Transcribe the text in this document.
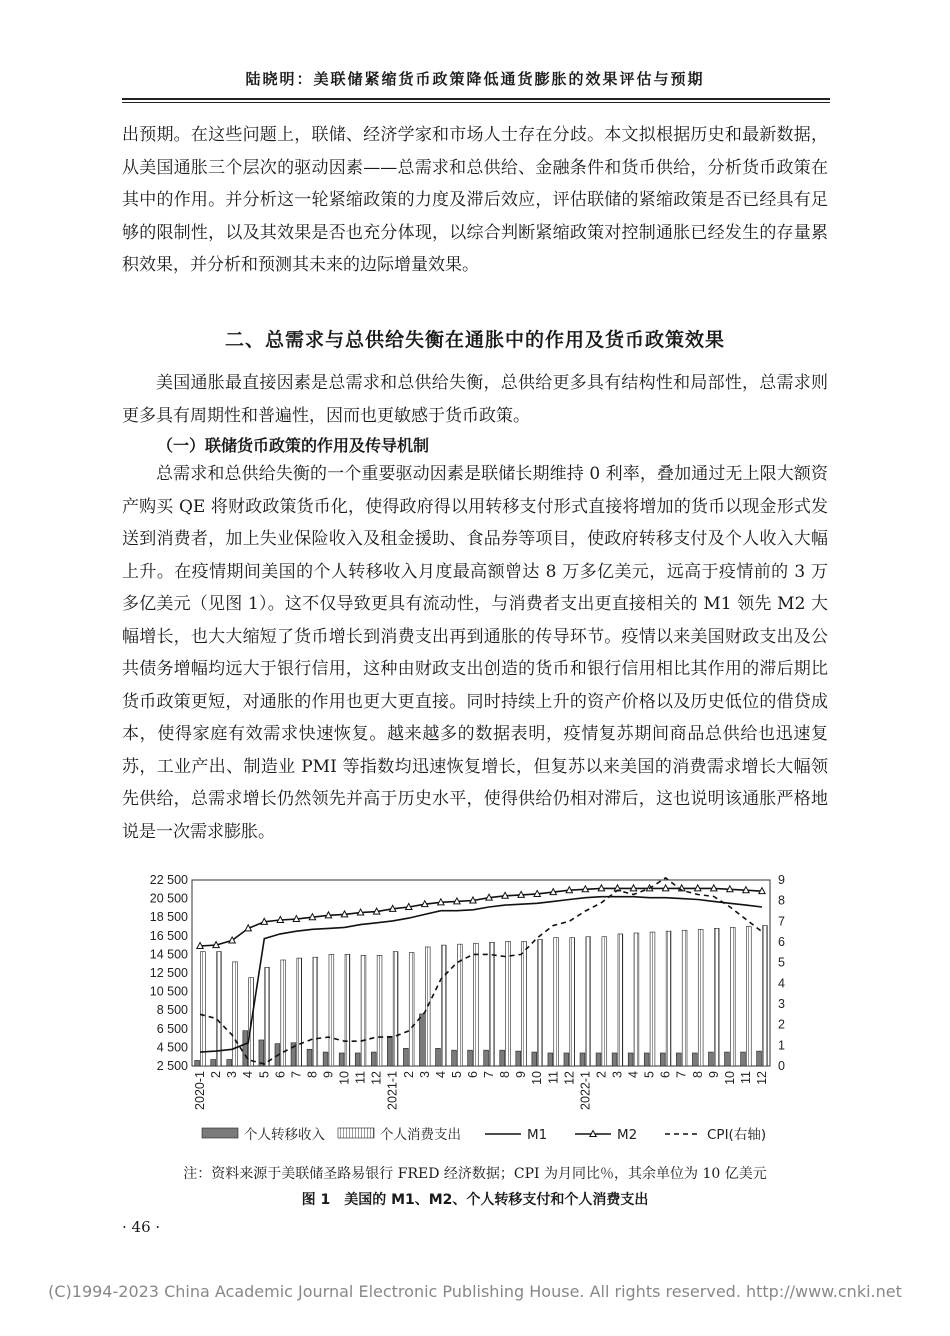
陆晓明：美联储紧缩货币政策降低通货膨胀的效果评估与预期
出预期。在这些问题上，联储、经济学家和市场人士存在分歧。本文拟根据历史和最新数据，从美国通胀三个层次的驱动因素——总需求和总供给、金融条件和货币供给，分析货币政策在其中的作用。并分析这一轮紧缩政策的力度及滞后效应，评估联储的紧缩政策是否已经具有足够的限制性，以及其效果是否也充分体现，以综合判断紧缩政策对控制通胀已经发生的存量累积效果，并分析和预测其未来的边际增量效果。
二、总需求与总供给失衡在通胀中的作用及货币政策效果
美国通胀最直接因素是总需求和总供给失衡，总供给更多具有结构性和局部性，总需求则更多具有周期性和普遍性，因而也更敏感于货币政策。
（一）联储货币政策的作用及传导机制
总需求和总供给失衡的一个重要驱动因素是联储长期维持 0 利率，叠加通过无上限大额资产购买 QE 将财政政策货币化，使得政府得以用转移支付形式直接将增加的货币以现金形式发送到消费者，加上失业保险收入及租金援助、食品券等项目，使政府转移支付及个人收入大幅上升。在疫情期间美国的个人转移收入月度最高额曾达 8 万多亿美元，远高于疫情前的 3 万多亿美元（见图 1）。这不仅导致更具有流动性，与消费者支出更直接相关的 M1 领先 M2 大幅增长，也大大缩短了货币增长到消费支出再到通胀的传导环节。疫情以来美国财政支出及公共债务增幅均远大于银行信用，这种由财政支出创造的货币和银行信用相比其作用的滞后期比货币政策更短，对通胀的作用也更大更直接。同时持续上升的资产价格以及历史低位的借贷成本，使得家庭有效需求快速恢复。越来越多的数据表明，疫情复苏期间商品总供给也迅速复苏，工业产出、制造业 PMI 等指数均迅速恢复增长，但复苏以来美国的消费需求增长大幅领先供给，总需求增长仍然领先并高于历史水平，使得供给仍相对滞后，这也说明该通胀严格地说是一次需求膨胀。
22 500
20 500
18 500
16 500
14 500
12 500
10 500
8 500
6 500
4 500
2 500
9
8
7
6
5
4
3
2
1
0
2020-1 2 3 4 5 6 7 8 9 10 11 12 2021-1 2 3 4 5 6 7 8 9 10 11 12 2022-1 2 3 4 5 6 7 8 9 10 11 12
个人转移收入	个人消费支出	M1	M2	CPI(右轴)
注：资料来源于美联储圣路易银行 FRED 经济数据；CPI 为月同比％，其余单位为 10 亿美元
图 1　美国的 M1、M2、个人转移支付和个人消费支出
· 46 ·
(C)1994-2023 China Academic Journal Electronic Publishing House. All rights reserved. http://www.cnki.net
